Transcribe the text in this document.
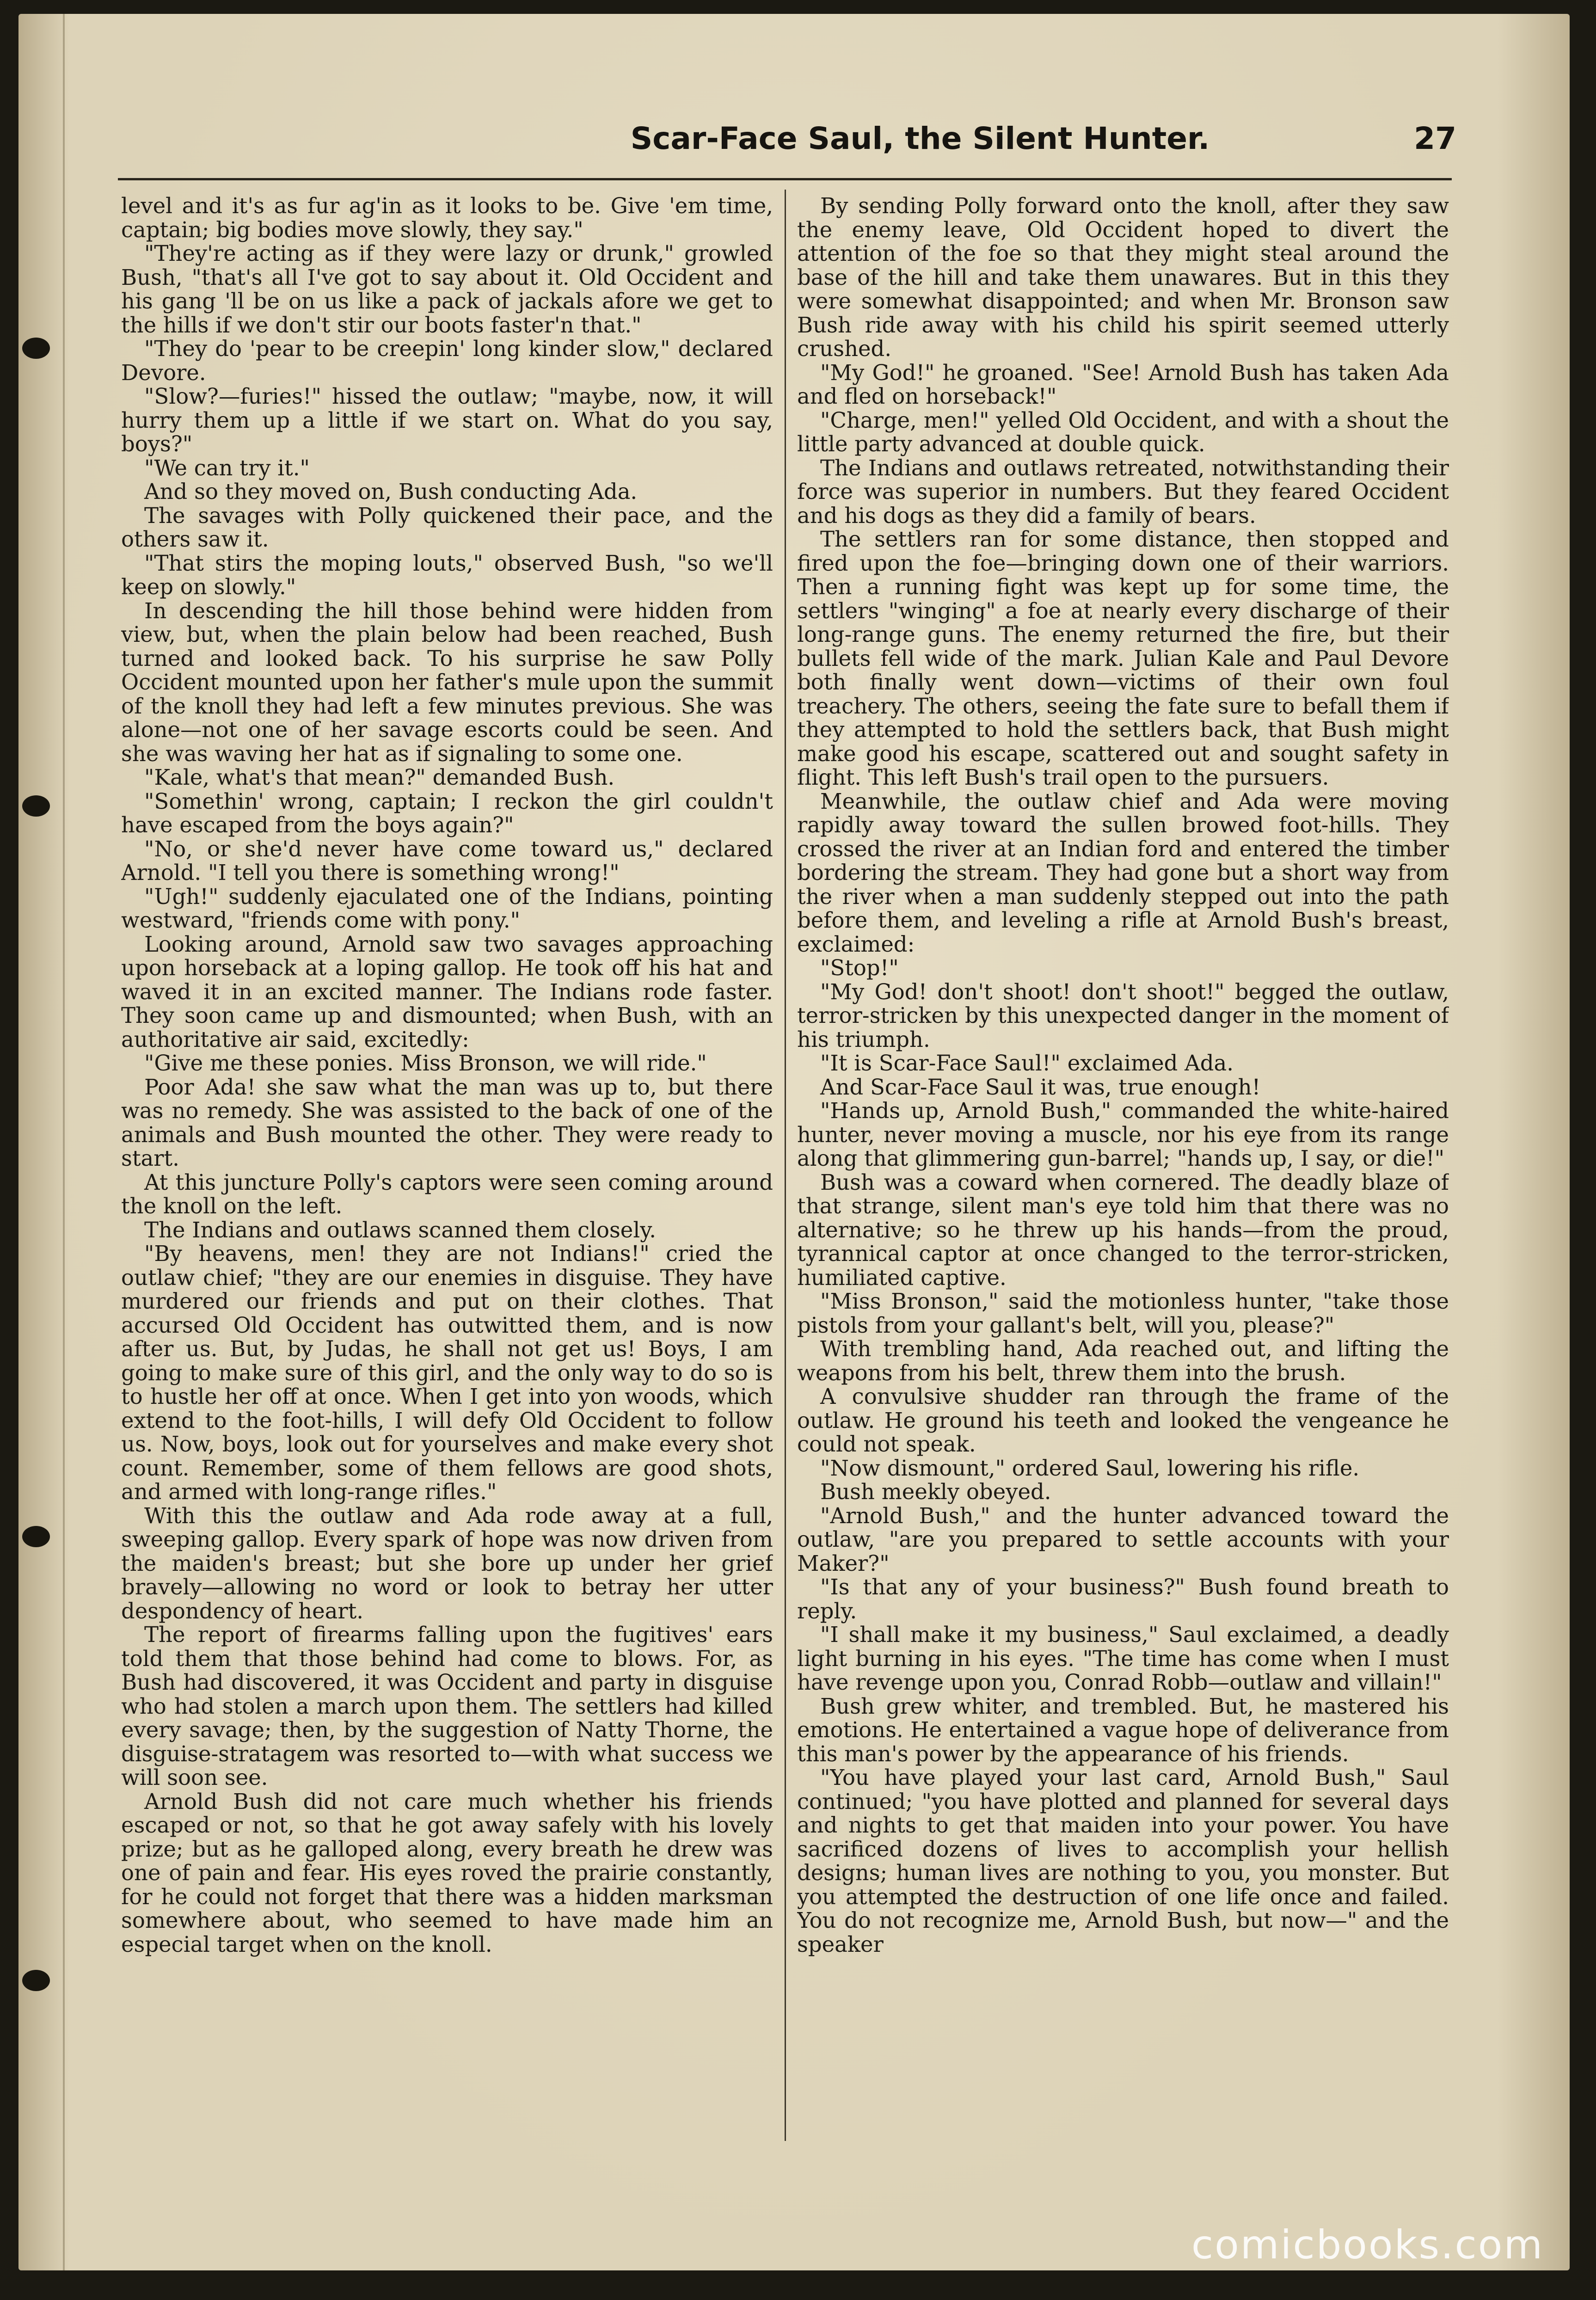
Scar-Face Saul, the Silent Hunter.	27

level and it's as fur ag'in as it looks to be. Give 'em time, captain; big bodies move slowly, they say."

"They're acting as if they were lazy or drunk," growled Bush, "that's all I've got to say about it. Old Occident and his gang 'll be on us like a pack of jackals afore we get to the hills if we don't stir our boots faster'n that."

"They do 'pear to be creepin' long kinder slow," declared Devore.

"Slow?—furies!" hissed the outlaw; "maybe, now, it will hurry them up a little if we start on. What do you say, boys?"

"We can try it."

And so they moved on, Bush conducting Ada.

The savages with Polly quickened their pace, and the others saw it.

"That stirs the moping louts," observed Bush, "so we'll keep on slowly."

In descending the hill those behind were hidden from view, but, when the plain below had been reached, Bush turned and looked back. To his surprise he saw Polly Occident mounted upon her father's mule upon the summit of the knoll they had left a few minutes previous. She was alone—not one of her savage escorts could be seen. And she was waving her hat as if signaling to some one.

"Kale, what's that mean?" demanded Bush.

"Somethin' wrong, captain; I reckon the girl couldn't have escaped from the boys again?"

"No, or she'd never have come toward us," declared Arnold. "I tell you there is something wrong!"

"Ugh!" suddenly ejaculated one of the Indians, pointing westward, "friends come with pony."

Looking around, Arnold saw two savages approaching upon horseback at a loping gallop. He took off his hat and waved it in an excited manner. The Indians rode faster. They soon came up and dismounted; when Bush, with an authoritative air said, excitedly:

"Give me these ponies. Miss Bronson, we will ride."

Poor Ada! she saw what the man was up to, but there was no remedy. She was assisted to the back of one of the animals and Bush mounted the other. They were ready to start.

At this juncture Polly's captors were seen coming around the knoll on the left.

The Indians and outlaws scanned them closely.

"By heavens, men! they are not Indians!" cried the outlaw chief; "they are our enemies in disguise. They have murdered our friends and put on their clothes. That accursed Old Occident has outwitted them, and is now after us. But, by Judas, he shall not get us! Boys, I am going to make sure of this girl, and the only way to do so is to hustle her off at once. When I get into yon woods, which extend to the foot-hills, I will defy Old Occident to follow us. Now, boys, look out for yourselves and make every shot count. Remember, some of them fellows are good shots, and armed with long-range rifles."

With this the outlaw and Ada rode away at a full, sweeping gallop. Every spark of hope was now driven from the maiden's breast; but she bore up under her grief bravely—allowing no word or look to betray her utter despondency of heart.

The report of firearms falling upon the fugitives' ears told them that those behind had come to blows. For, as Bush had discovered, it was Occident and party in disguise who had stolen a march upon them. The settlers had killed every savage; then, by the suggestion of Natty Thorne, the disguise-stratagem was resorted to—with what success we will soon see.

Arnold Bush did not care much whether his friends escaped or not, so that he got away safely with his lovely prize; but as he galloped along, every breath he drew was one of pain and fear. His eyes roved the prairie constantly, for he could not forget that there was a hidden marksman somewhere about, who seemed to have made him an especial target when on the knoll.

By sending Polly forward onto the knoll, after they saw the enemy leave, Old Occident hoped to divert the attention of the foe so that they might steal around the base of the hill and take them unawares. But in this they were somewhat disappointed; and when Mr. Bronson saw Bush ride away with his child his spirit seemed utterly crushed.

"My God!" he groaned. "See! Arnold Bush has taken Ada and fled on horseback!"

"Charge, men!" yelled Old Occident, and with a shout the little party advanced at double quick.

The Indians and outlaws retreated, notwithstanding their force was superior in numbers. But they feared Occident and his dogs as they did a family of bears.

The settlers ran for some distance, then stopped and fired upon the foe—bringing down one of their warriors. Then a running fight was kept up for some time, the settlers "winging" a foe at nearly every discharge of their long-range guns. The enemy returned the fire, but their bullets fell wide of the mark. Julian Kale and Paul Devore both finally went down—victims of their own foul treachery. The others, seeing the fate sure to befall them if they attempted to hold the settlers back, that Bush might make good his escape, scattered out and sought safety in flight. This left Bush's trail open to the pursuers.

Meanwhile, the outlaw chief and Ada were moving rapidly away toward the sullen browed foot-hills. They crossed the river at an Indian ford and entered the timber bordering the stream. They had gone but a short way from the river when a man suddenly stepped out into the path before them, and leveling a rifle at Arnold Bush's breast, exclaimed:

"Stop!"

"My God! don't shoot! don't shoot!" begged the outlaw, terror-stricken by this unexpected danger in the moment of his triumph.

"It is Scar-Face Saul!" exclaimed Ada.

And Scar-Face Saul it was, true enough!

"Hands up, Arnold Bush," commanded the white-haired hunter, never moving a muscle, nor his eye from its range along that glimmering gun-barrel; "hands up, I say, or die!"

Bush was a coward when cornered. The deadly blaze of that strange, silent man's eye told him that there was no alternative; so he threw up his hands—from the proud, tyrannical captor at once changed to the terror-stricken, humiliated captive.

"Miss Bronson," said the motionless hunter, "take those pistols from your gallant's belt, will you, please?"

With trembling hand, Ada reached out, and lifting the weapons from his belt, threw them into the brush.

A convulsive shudder ran through the frame of the outlaw. He ground his teeth and looked the vengeance he could not speak.

"Now dismount," ordered Saul, lowering his rifle.

Bush meekly obeyed.

"Arnold Bush," and the hunter advanced toward the outlaw, "are you prepared to settle accounts with your Maker?"

"Is that any of your business?" Bush found breath to reply.

"I shall make it my business," Saul exclaimed, a deadly light burning in his eyes. "The time has come when I must have revenge upon you, Conrad Robb—outlaw and villain!"

Bush grew whiter, and trembled. But, he mastered his emotions. He entertained a vague hope of deliverance from this man's power by the appearance of his friends.

"You have played your last card, Arnold Bush," Saul continued; "you have plotted and planned for several days and nights to get that maiden into your power. You have sacrificed dozens of lives to accomplish your hellish designs; human lives are nothing to you, you monster. But you attempted the destruction of one life once and failed. You do not recognize me, Arnold Bush, but now—" and the speaker

comicbooks.com
